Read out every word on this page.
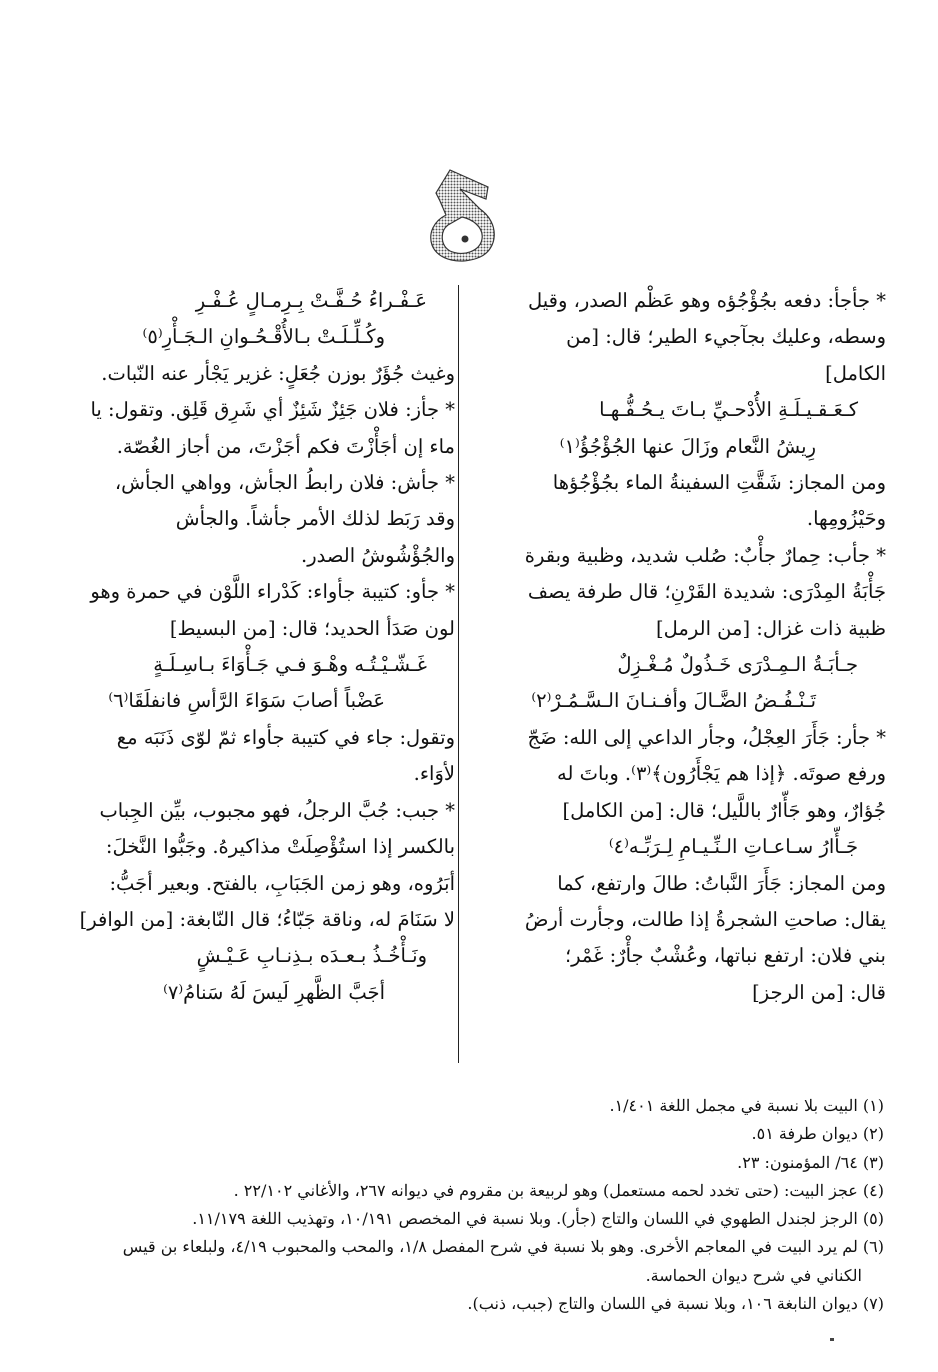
* جأجأ: دفعه بجُؤْجُؤه وهو عَظْم الصدر، وقيل
وسطه، وعليك بجآجيء الطير؛ قال: [من
الكامل]
كـعَـقـيـلَـةِ الأُدْحـيِّ بـاتَ يـحُـفُّـهـا
رِيشُ النَّعام وزَالَ عنها الجُؤْجُؤُ⁽١⁾
ومن المجاز: شَقَّتِ السفينةُ الماء بجُؤْجُؤها
وحَيْزُومِها.
* جأب: حِمارٌ جأْبٌ: صُلب شديد، وظبية وبقرة
جَأْبَةُ المِدْرَى: شديدة القَرْنِ؛ قال طرفة يصف
ظبية ذات غزال: [من الرمل]
جـأبَـةُ الـمِـدْرَى خَـذُولٌ مُـغْـزِلٌ
تَـنْـفُـضُ الضَّـالَ وأفـنـانَ الـسَّـمُـرْ⁽٢⁾
* جأر: جَأَرَ العِجْلُ، وجأر الداعي إلى الله: ضَجّ
ورفع صوتَه. ﴿إذا هم يَجْأَرُون﴾⁽٣⁾. وباتَ له
جُؤارٌ، وهو جَأّارٌ باللَّيل؛ قال: [من الكامل]
جَـأّارُ سـاعـاتِ الـنِّـيـامِ لِـرَبِّـه⁽٤⁾
ومن المجاز: جَأَرَ النَّباتُ: طالَ وارتفع، كما
يقال: صاحتِ الشجرةُ إذا طالت، وجأرت أرضُ
بني فلان: ارتفع نباتها، وعُشْبٌ جأْرٌ: غَمْر؛
قال: [من الرجز]
عَـفْـراءُ حُـفَّـتْ بِـرِمـالٍ عُـفْـرِ
وكُـلِّـلَـتْ بـالأُقْـحُـوانِ الـجَـأْرِ⁽٥⁾
وغيث جُؤَرٌ بوزن جُعَلٍ: غزير يَجْأر عنه النّبات.
* جأز: فلان جَئِزٌ شَئِزٌ أي شَرِق قَلِق. وتقول: يا
ماء إن أجَأْزْتَ فكم أجَزْتَ، من أجاز الغُصّة.
* جأش: فلان رابطُ الجأش، وواهي الجأش،
وقد رَبَط لذلك الأمر جأشاً. والجأش
والجُؤْشُوشُ الصدر.
* جأو: كتيبة جأواء: كَدْراء اللَّوْن في حمرة وهو
لون صَدَأ الحديد؛ قال: [من البسيط]
غَـشّـيْـتُـه وهْـوَ فـي جَـأْوَاءَ بـاسِـلَـةٍ
عَضْباً أصابَ سَوَاءَ الرَّأسِ فانفلَقَا⁽٦⁾
وتقول: جاء في كتيبة جأواء ثمّ لوّى ذَنَبَه مع
لأوَاء.
* جبب: جُبَّ الرجلُ، فهو مجبوب، بيِّن الجِباب
بالكسر إذا استُؤْصِلَتْ مذاكيرهُ. وجَبُّوا النَّخلَ:
أبَرُوه، وهو زمن الجَبَابِ، بالفتح. وبعير أجَبُّ:
لا سَنَامَ له، وناقة جَبّاءُ؛ قال النّابغة: [من الوافر]
ونَـأْخُـذُ بـعـدَه بـذِنـابِ عَـيْـشٍ
أجَبَّ الظَّهرِ لَيسَ لَهُ سَنامُ⁽٧⁾
(١) البيت بلا نسبة في مجمل اللغة ١/٤٠١.
(٢) ديوان طرفة ٥١.
(٣) ٦٤/ المؤمنون: ٢٣.
(٤) عجز البيت: (حتى تخدد لحمه مستعمل) وهو لربيعة بن مقروم في ديوانه ٢٦٧، والأغاني ٢٢/١٠٢ .
(٥) الرجز لجندل الطهوي في اللسان والتاج (جأر). وبلا نسبة في المخصص ١٠/١٩١، وتهذيب اللغة ١١/١٧٩.
(٦) لم يرد البيت في المعاجم الأخرى. وهو بلا نسبة في شرح المفصل ١/٨، والمحب والمحبوب ٤/١٩، ولبلعاء بن قيس
الكناني في شرح ديوان الحماسة.
(٧) ديوان النابغة ١٠٦، وبلا نسبة في اللسان والتاج (جبب، ذنب).
